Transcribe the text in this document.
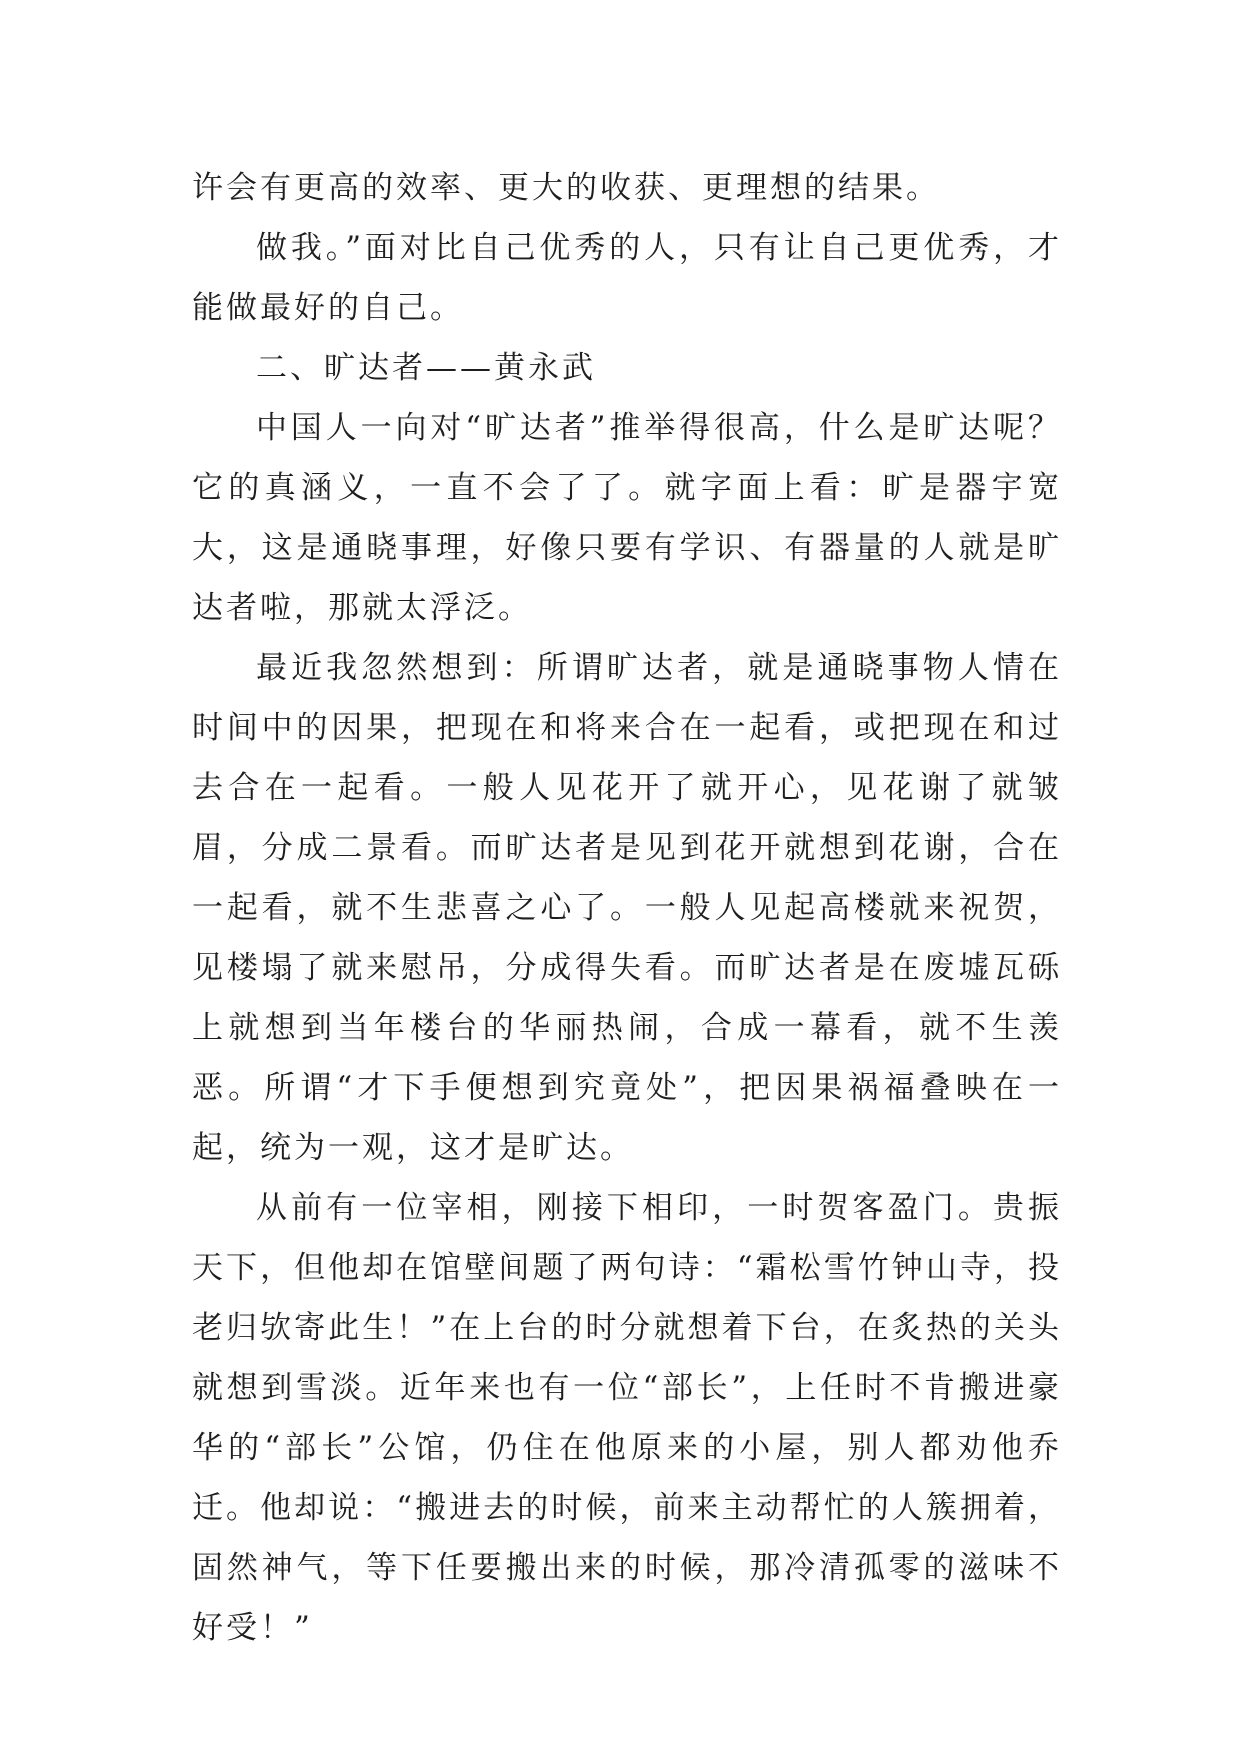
许会有更高的效率、更大的收获、更理想的结果。

做我。”面对比自己优秀的人，只有让自己更优秀，才能做最好的自己。

二、旷达者——黄永武

中国人一向对“旷达者”推举得很高，什么是旷达呢？它的真涵义，一直不会了了。就字面上看：旷是器宇宽大，这是通晓事理，好像只要有学识、有器量的人就是旷达者啦，那就太浮泛。

最近我忽然想到：所谓旷达者，就是通晓事物人情在时间中的因果，把现在和将来合在一起看，或把现在和过去合在一起看。一般人见花开了就开心，见花谢了就皱眉，分成二景看。而旷达者是见到花开就想到花谢，合在一起看，就不生悲喜之心了。一般人见起高楼就来祝贺，见楼塌了就来慰吊，分成得失看。而旷达者是在废墟瓦砾上就想到当年楼台的华丽热闹，合成一幕看，就不生羡恶。所谓“才下手便想到究竟处”，把因果祸福叠映在一起，统为一观，这才是旷达。

从前有一位宰相，刚接下相印，一时贺客盈门。贵振天下，但他却在馆壁间题了两句诗：“霜松雪竹钟山寺，投老归欤寄此生！”在上台的时分就想着下台，在炙热的关头就想到雪淡。近年来也有一位“部长”，上任时不肯搬进豪华的“部长”公馆，仍住在他原来的小屋，别人都劝他乔迁。他却说：“搬进去的时候，前来主动帮忙的人簇拥着，固然神气，等下任要搬出来的时候，那冷清孤零的滋味不好受！”
